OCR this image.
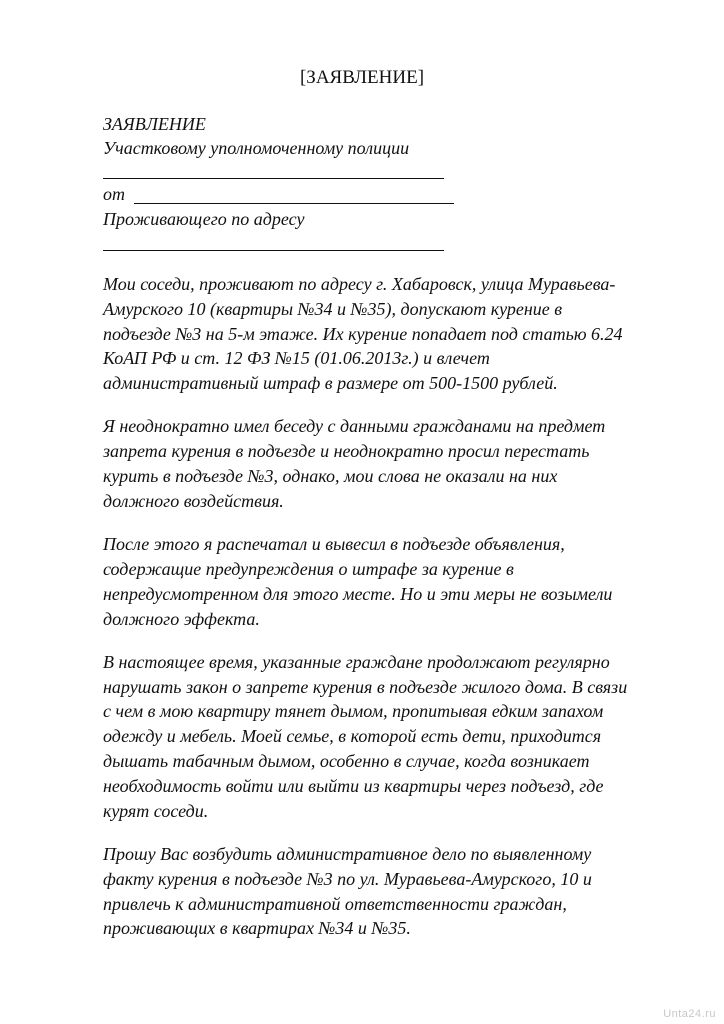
[ЗАЯВЛЕНИЕ]
ЗАЯВЛЕНИЕ
Участковому уполномоченному полиции
от
Проживающего по адресу

Мои соседи, проживают по адресу г. Хабаровск, улица Муравьева-
Амурского 10 (квартиры №34 и №35), допускают курение в
подъезде №3 на 5-м этаже. Их курение попадает под статью 6.24
КоАП РФ и ст. 12 ФЗ №15 (01.06.2013г.) и влечет
административный штраф в размере от 500-1500 рублей.

Я неоднократно имел беседу с данными гражданами на предмет
запрета курения в подъезде и неоднократно просил перестать
курить в подъезде №3, однако, мои слова не оказали на них
должного воздействия.

После этого я распечатал и вывесил в подъезде объявления,
содержащие предупреждения о штрафе за курение в
непредусмотренном для этого месте. Но и эти меры не возымели
должного эффекта.

В настоящее время, указанные граждане продолжают регулярно
нарушать закон о запрете курения в подъезде жилого дома. В связи
с чем в мою квартиру тянет дымом, пропитывая едким запахом
одежду и мебель. Моей семье, в которой есть дети, приходится
дышать табачным дымом, особенно в случае, когда возникает
необходимость войти или выйти из квартиры через подъезд, где
курят соседи.

Прошу Вас возбудить административное дело по выявленному
факту курения в подъезде №3 по ул. Муравьева-Амурского, 10 и
привлечь к административной ответственности граждан,
проживающих в квартирах №34 и №35.

Unta24.ru
